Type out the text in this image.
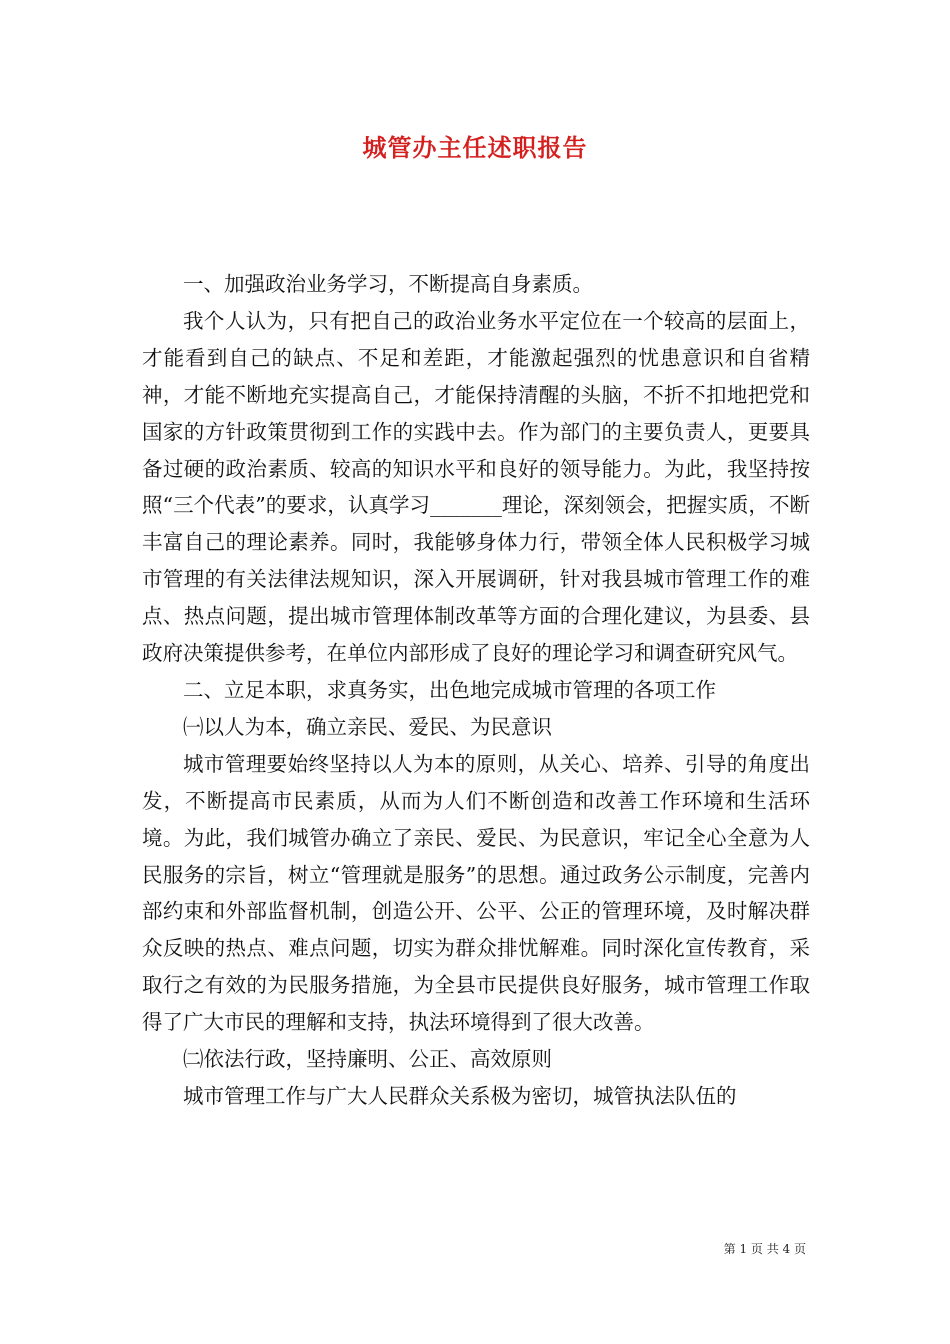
城管办主任述职报告

一、加强政治业务学习，不断提高自身素质。

我个人认为，只有把自己的政治业务水平定位在一个较高的层面上，才能看到自己的缺点、不足和差距，才能激起强烈的忧患意识和自省精神，才能不断地充实提高自己，才能保持清醒的头脑，不折不扣地把党和国家的方针政策贯彻到工作的实践中去。作为部门的主要负责人，更要具备过硬的政治素质、较高的知识水平和良好的领导能力。为此，我坚持按照“三个代表”的要求，认真学习_______理论，深刻领会，把握实质，不断丰富自己的理论素养。同时，我能够身体力行，带领全体人民积极学习城市管理的有关法律法规知识，深入开展调研，针对我县城市管理工作的难点、热点问题，提出城市管理体制改革等方面的合理化建议，为县委、县政府决策提供参考，在单位内部形成了良好的理论学习和调查研究风气。

二、立足本职，求真务实，出色地完成城市管理的各项工作

㈠以人为本，确立亲民、爱民、为民意识

城市管理要始终坚持以人为本的原则，从关心、培养、引导的角度出发，不断提高市民素质，从而为人们不断创造和改善工作环境和生活环境。为此，我们城管办确立了亲民、爱民、为民意识，牢记全心全意为人民服务的宗旨，树立“管理就是服务”的思想。通过政务公示制度，完善内部约束和外部监督机制，创造公开、公平、公正的管理环境，及时解决群众反映的热点、难点问题，切实为群众排忧解难。同时深化宣传教育，采取行之有效的为民服务措施，为全县市民提供良好服务，城市管理工作取得了广大市民的理解和支持，执法环境得到了很大改善。

㈡依法行政，坚持廉明、公正、高效原则

城市管理工作与广大人民群众关系极为密切，城管执法队伍的

第 1 页 共 4 页
